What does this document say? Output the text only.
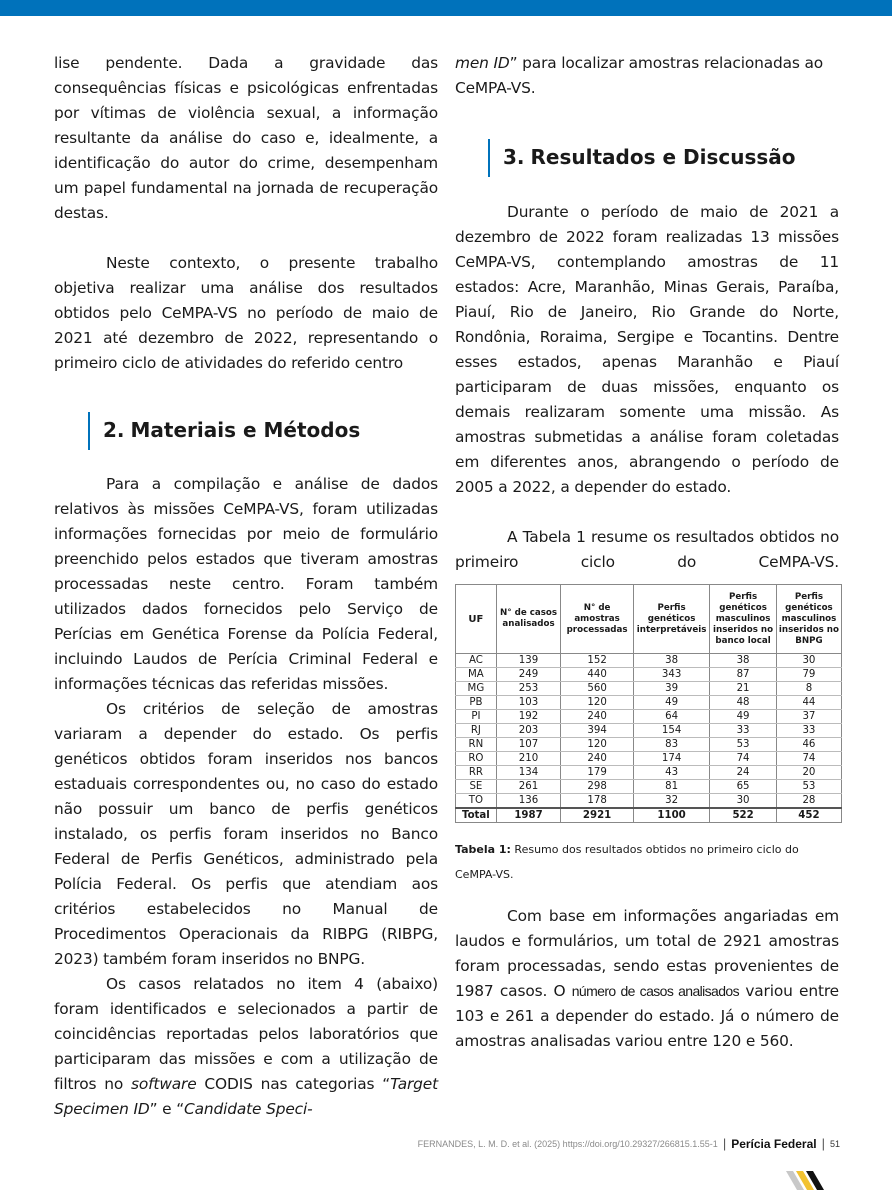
lise pendente. Dada a gravidade das consequências físicas e psicológicas enfrentadas por vítimas de violência sexual, a informação resultante da análise do caso e, idealmente, a identificação do autor do crime, desempenham um papel fundamental na jornada de recuperação destas.

Neste contexto, o presente trabalho objetiva realizar uma análise dos resultados obtidos pelo CeMPA-VS no período de maio de 2021 até dezembro de 2022, representando o primeiro ciclo de atividades do referido centro

2. Materiais e Métodos

Para a compilação e análise de dados relativos às missões CeMPA-VS, foram utilizadas informações fornecidas por meio de formulário preenchido pelos estados que tiveram amostras processadas neste centro. Foram também utilizados dados fornecidos pelo Serviço de Perícias em Genética Forense da Polícia Federal, incluindo Laudos de Perícia Criminal Federal e informações técnicas das referidas missões.

Os critérios de seleção de amostras variaram a depender do estado. Os perfis genéticos obtidos foram inseridos nos bancos estaduais correspondentes ou, no caso do estado não possuir um banco de perfis genéticos instalado, os perfis foram inseridos no Banco Federal de Perfis Genéticos, administrado pela Polícia Federal. Os perfis que atendiam aos critérios estabelecidos no Manual de Procedimentos Operacionais da RIBPG (RIBPG, 2023) também foram inseridos no BNPG.

Os casos relatados no item 4 (abaixo) foram identificados e selecionados a partir de coincidências reportadas pelos laboratórios que participaram das missões e com a utilização de filtros no software CODIS nas categorias “Target Specimen ID” e “Candidate Speci-

men ID” para localizar amostras relacionadas ao CeMPA-VS.

3. Resultados e Discussão

Durante o período de maio de 2021 a dezembro de 2022 foram realizadas 13 missões CeMPA-VS, contemplando amostras de 11 estados: Acre, Maranhão, Minas Gerais, Paraíba, Piauí, Rio de Janeiro, Rio Grande do Norte, Rondônia, Roraima, Sergipe e Tocantins. Dentre esses estados, apenas Maranhão e Piauí participaram de duas missões, enquanto os demais realizaram somente uma missão. As amostras submetidas a análise foram coletadas em diferentes anos, abrangendo o período de 2005 a 2022, a depender do estado.

A Tabela 1 resume os resultados obtidos no primeiro ciclo do CeMPA-VS.

UF	N° de casos analisados	N° de amostras processadas	Perfis genéticos interpretáveis	Perfis genéticos masculinos inseridos no banco local	Perfis genéticos masculinos inseridos no BNPG
AC	139	152	38	38	30
MA	249	440	343	87	79
MG	253	560	39	21	8
PB	103	120	49	48	44
PI	192	240	64	49	37
RJ	203	394	154	33	33
RN	107	120	83	53	46
RO	210	240	174	74	74
RR	134	179	43	24	20
SE	261	298	81	65	53
TO	136	178	32	30	28
Total	1987	2921	1100	522	452

Tabela 1: Resumo dos resultados obtidos no primeiro ciclo do CeMPA-VS.

Com base em informações angariadas em laudos e formulários, um total de 2921 amostras foram processadas, sendo estas provenientes de 1987 casos. O número de casos analisados variou entre 103 e 261 a depender do estado. Já o número de amostras analisadas variou entre 120 e 560.

FERNANDES, L. M. D. et al. (2025) https://doi.org/10.29327/266815.1.55-1 | Perícia Federal | 51
